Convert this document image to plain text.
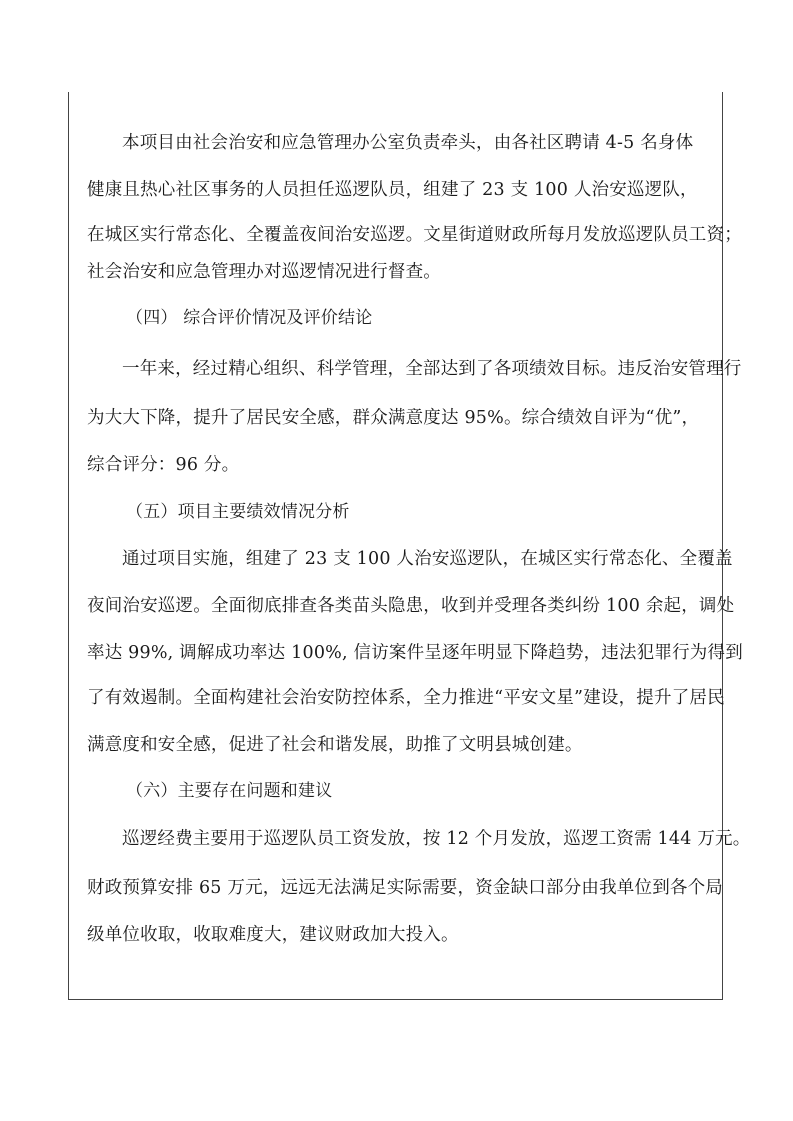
本项目由社会治安和应急管理办公室负责牵头，由各社区聘请 4-5 名身体
健康且热心社区事务的人员担任巡逻队员，组建了 23 支 100 人治安巡逻队，
在城区实行常态化、全覆盖夜间治安巡逻。文星街道财政所每月发放巡逻队员工资；
社会治安和应急管理办对巡逻情况进行督查。
（四） 综合评价情况及评价结论
一年来，经过精心组织、科学管理，全部达到了各项绩效目标。违反治安管理行
为大大下降，提升了居民安全感，群众满意度达 95%。综合绩效自评为“优”，
综合评分：96 分。
（五）项目主要绩效情况分析
通过项目实施，组建了 23 支 100 人治安巡逻队，在城区实行常态化、全覆盖
夜间治安巡逻。全面彻底排查各类苗头隐患，收到并受理各类纠纷 100 余起，调处
率达 99%, 调解成功率达 100%, 信访案件呈逐年明显下降趋势，违法犯罪行为得到
了有效遏制。全面构建社会治安防控体系，全力推进“平安文星”建设，提升了居民
满意度和安全感，促进了社会和谐发展，助推了文明县城创建。
（六）主要存在问题和建议
巡逻经费主要用于巡逻队员工资发放，按 12 个月发放，巡逻工资需 144 万元。
财政预算安排 65 万元，远远无法满足实际需要，资金缺口部分由我单位到各个局
级单位收取，收取难度大，建议财政加大投入。
